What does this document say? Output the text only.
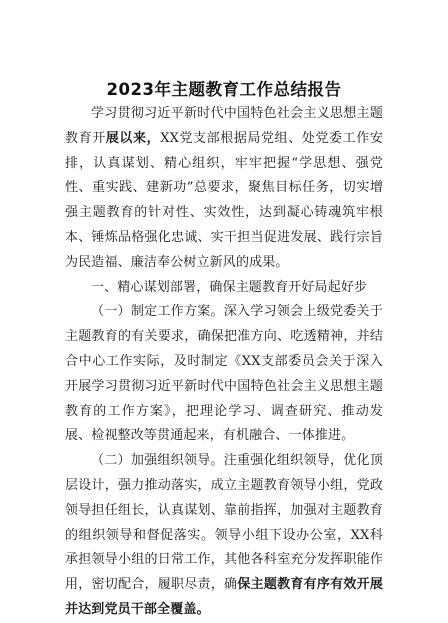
2023年主题教育工作总结报告

学习贯彻习近平新时代中国特色社会主义思想主题教育开展以来，XX党支部根据局党组、处党委工作安排，认真谋划、精心组织，牢牢把握“学思想、强党性、重实践、建新功”总要求，聚焦目标任务，切实增强主题教育的针对性、实效性，达到凝心铸魂筑牢根本、锤炼品格强化忠诚、实干担当促进发展、践行宗旨为民造福、廉洁奉公树立新风的成果。

一、精心谋划部署，确保主题教育开好局起好步

（一）制定工作方案。深入学习领会上级党委关于主题教育的有关要求，确保把准方向、吃透精神，并结合中心工作实际，及时制定《XX支部委员会关于深入开展学习贯彻习近平新时代中国特色社会主义思想主题教育的工作方案》，把理论学习、调查研究、推动发展、检视整改等贯通起来，有机融合、一体推进。

（二）加强组织领导。注重强化组织领导，优化顶层设计，强力推动落实，成立主题教育领导小组，党政领导担任组长，认真谋划、靠前指挥，加强对主题教育的组织领导和督促落实。领导小组下设办公室，XX科承担领导小组的日常工作，其他各科室充分发挥职能作用，密切配合，履职尽责，确保主题教育有序有效开展并达到党员干部全覆盖。
